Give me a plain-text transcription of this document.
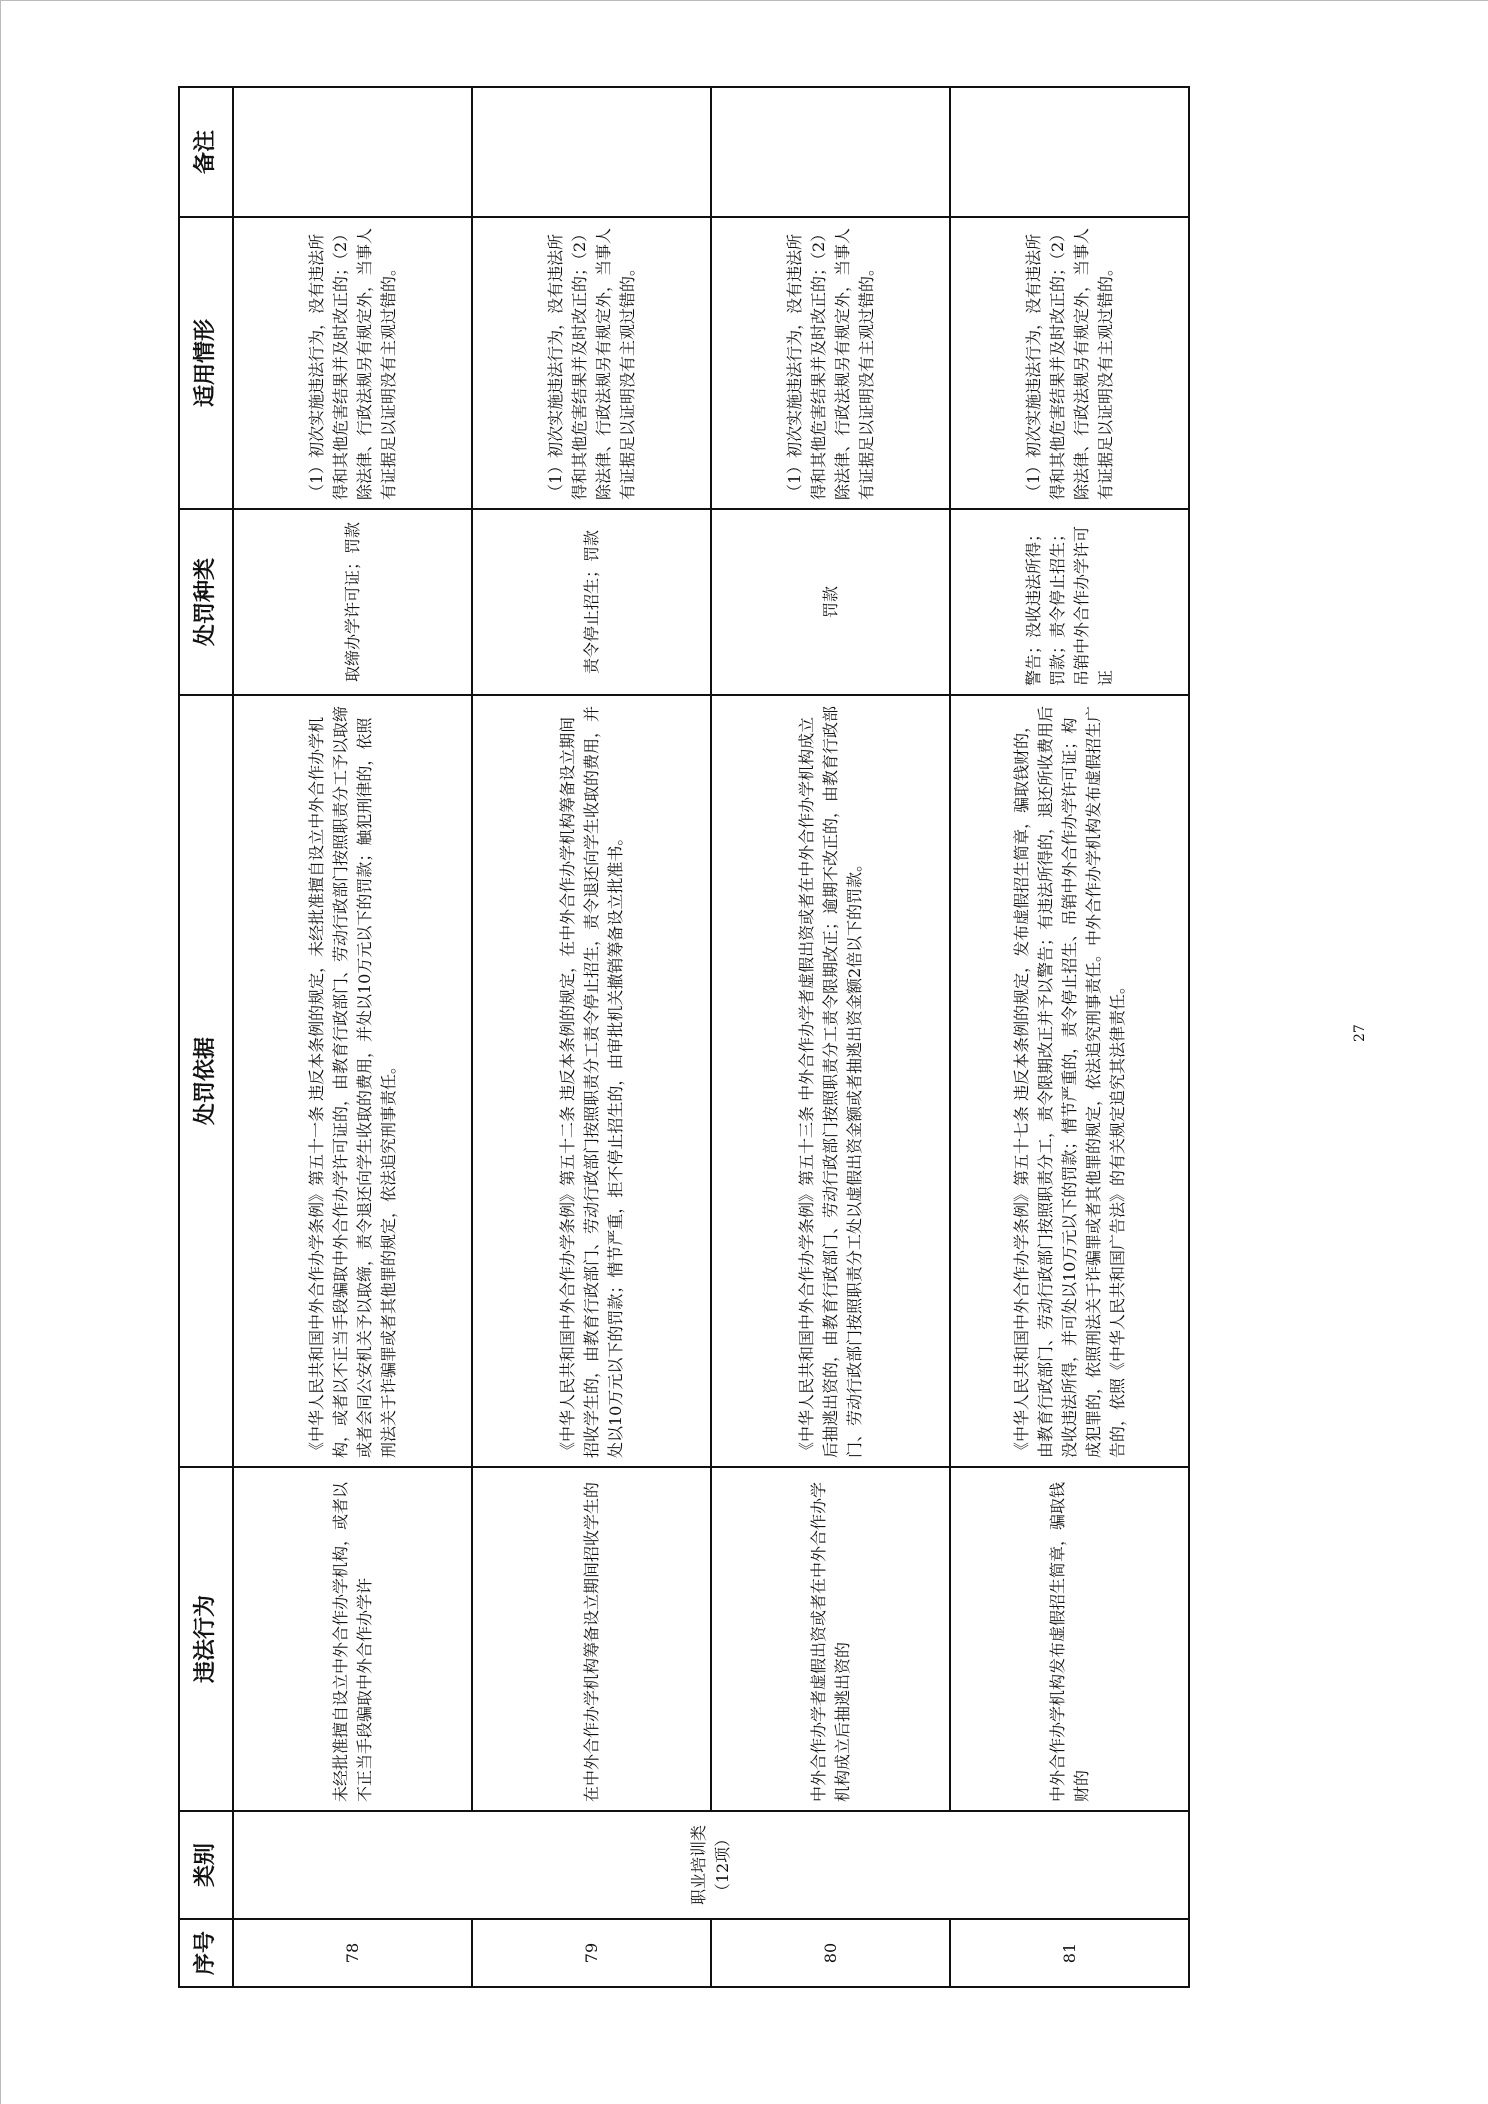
序号	类别	违法行为	处罚依据	处罚种类	适用情形	备注
78	职业培训类 （12项）	未经批准擅自设立中外合作办学机构，或者以不正当手段骗取中外合作办学许	《中华人民共和国中外合作办学条例》第五十一条 违反本条例的规定，未经批准擅自设立中外合作办学机构，或者以不正当手段骗取中外合作办学许可证的，由教育行政部门、劳动行政部门按照职责分工予以取缔或者会同公安机关予以取缔，责令退还向学生收取的费用，并处以10万元以下的罚款；触犯刑律的，依照刑法关于诈骗罪或者其他罪的规定，依法追究刑事责任。	取缔办学许可证；罚款	（1）初次实施违法行为，没有违法所得和其他危害结果并及时改正的；（2）除法律、行政法规另有规定外，当事人有证据足以证明没有主观过错的。	
79		在中外合作办学机构筹备设立期间招收学生的	《中华人民共和国中外合作办学条例》第五十二条 违反本条例的规定，在中外合作办学机构筹备设立期间招收学生的，由教育行政部门、劳动行政部门按照职责分工责令停止招生，责令退还向学生收取的费用，并处以10万元以下的罚款；情节严重，拒不停止招生的，由审批机关撤销筹备设立批准书。	责令停止招生；罚款	（1）初次实施违法行为，没有违法所得和其他危害结果并及时改正的；（2）除法律、行政法规另有规定外，当事人有证据足以证明没有主观过错的。	
80		中外合作办学者虚假出资或者在中外合作办学机构成立后抽逃出资的	《中华人民共和国中外合作办学条例》第五十三条 中外合作办学者虚假出资或者在中外合作办学机构成立后抽逃出资的，由教育行政部门、劳动行政部门按照职责分工责令限期改正；逾期不改正的，由教育行政部门、劳动行政部门按照职责分工处以虚假出资金额或者抽逃出资金额2倍以下的罚款。	罚款	（1）初次实施违法行为，没有违法所得和其他危害结果并及时改正的；（2）除法律、行政法规另有规定外，当事人有证据足以证明没有主观过错的。	
81		中外合作办学机构发布虚假招生简章，骗取钱财的	《中华人民共和国中外合作办学条例》第五十七条 违反本条例的规定，发布虚假招生简章，骗取钱财的，由教育行政部门、劳动行政部门按照职责分工，责令限期改正并予以警告；有违法所得的，退还所收费用后没收违法所得，并可处以10万元以下的罚款；情节严重的，责令停止招生、吊销中外合作办学许可证；构成犯罪的，依照刑法关于诈骗罪或者其他罪的规定，依法追究刑事责任。中外合作办学机构发布虚假招生广告的，依照《中华人民共和国广告法》的有关规定追究其法律责任。	警告；没收违法所得；罚款；责令停止招生；吊销中外合作办学许可证	（1）初次实施违法行为，没有违法所得和其他危害结果并及时改正的；（2）除法律、行政法规另有规定外，当事人有证据足以证明没有主观过错的。	
27
